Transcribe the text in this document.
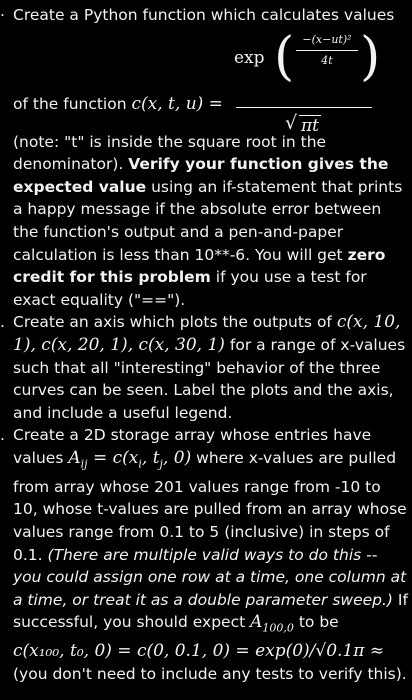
. Create a Python function which calculates values
of the function c(x, t, u) =
exp ( −(x−ut)²
4t )
√ πt
(note: "t" is inside the square root in the denominator). Verify your function gives the expected value using an if-statement that prints a happy message if the absolute error between the function's output and a pen-and-paper calculation is less than 10**-6. You will get zero credit for this problem if you use a test for exact equality ("==").
. Create an axis which plots the outputs of c(x, 10, 1), c(x, 20, 1), c(x, 30, 1) for a range of x-values such that all "interesting" behavior of the three curves can be seen. Label the plots and the axis, and include a useful legend.
. Create a 2D storage array whose entries have values $A_{ij} = c(x_i$, $t_j$, 0) where x-values are pulled from array whose 201 values range from -10 to 10, whose t-values are pulled from an array whose values range from 0.1 to 5 (inclusive) in steps of 0.1. (There are multiple valid ways to do this -- you could assign one row at a time, one column at a time, or treat it as a double parameter sweep.) If successful, you should expect $A_{100,0}$ to be
c(x₁₀₀, t₀, 0) = c(0, 0.1, 0) = exp(0)/√0.1π ≈
(you don't need to include any tests to verify this).
